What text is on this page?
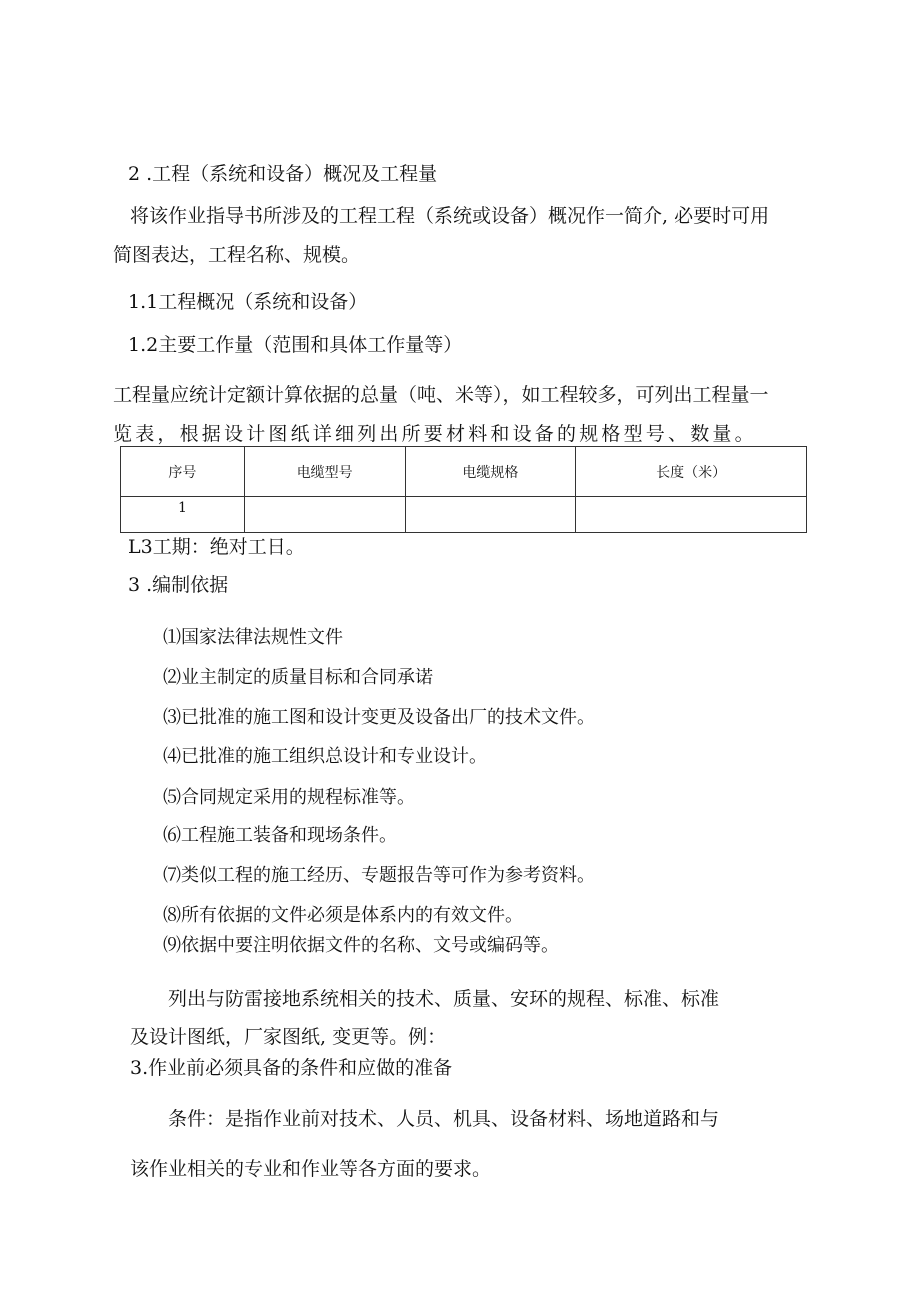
2 .工程（系统和设备）概况及工程量
将该作业指导书所涉及的工程工程（系统或设备）概况作一简介, 必要时可用
简图表达，工程名称、规模。
1.1工程概况（系统和设备）
1.2主要工作量（范围和具体工作量等）
工程量应统计定额计算依据的总量（吨、米等），如工程较多，可列出工程量一
览表，根据设计图纸详细列出所要材料和设备的规格型号、数量。
序号	电缆型号	电缆规格	长度（米）
1			
L3工期：绝对工日。
3 .编制依据
⑴国家法律法规性文件
⑵业主制定的质量目标和合同承诺
⑶已批准的施工图和设计变更及设备出厂的技术文件。
⑷已批准的施工组织总设计和专业设计。
⑸合同规定采用的规程标准等。
⑹工程施工装备和现场条件。
⑺类似工程的施工经历、专题报告等可作为参考资料。
⑻所有依据的文件必须是体系内的有效文件。
⑼依据中要注明依据文件的名称、文号或编码等。
列出与防雷接地系统相关的技术、质量、安环的规程、标准、标准
及设计图纸，厂家图纸, 变更等。例：
3.作业前必须具备的条件和应做的准备
条件：是指作业前对技术、人员、机具、设备材料、场地道路和与
该作业相关的专业和作业等各方面的要求。
